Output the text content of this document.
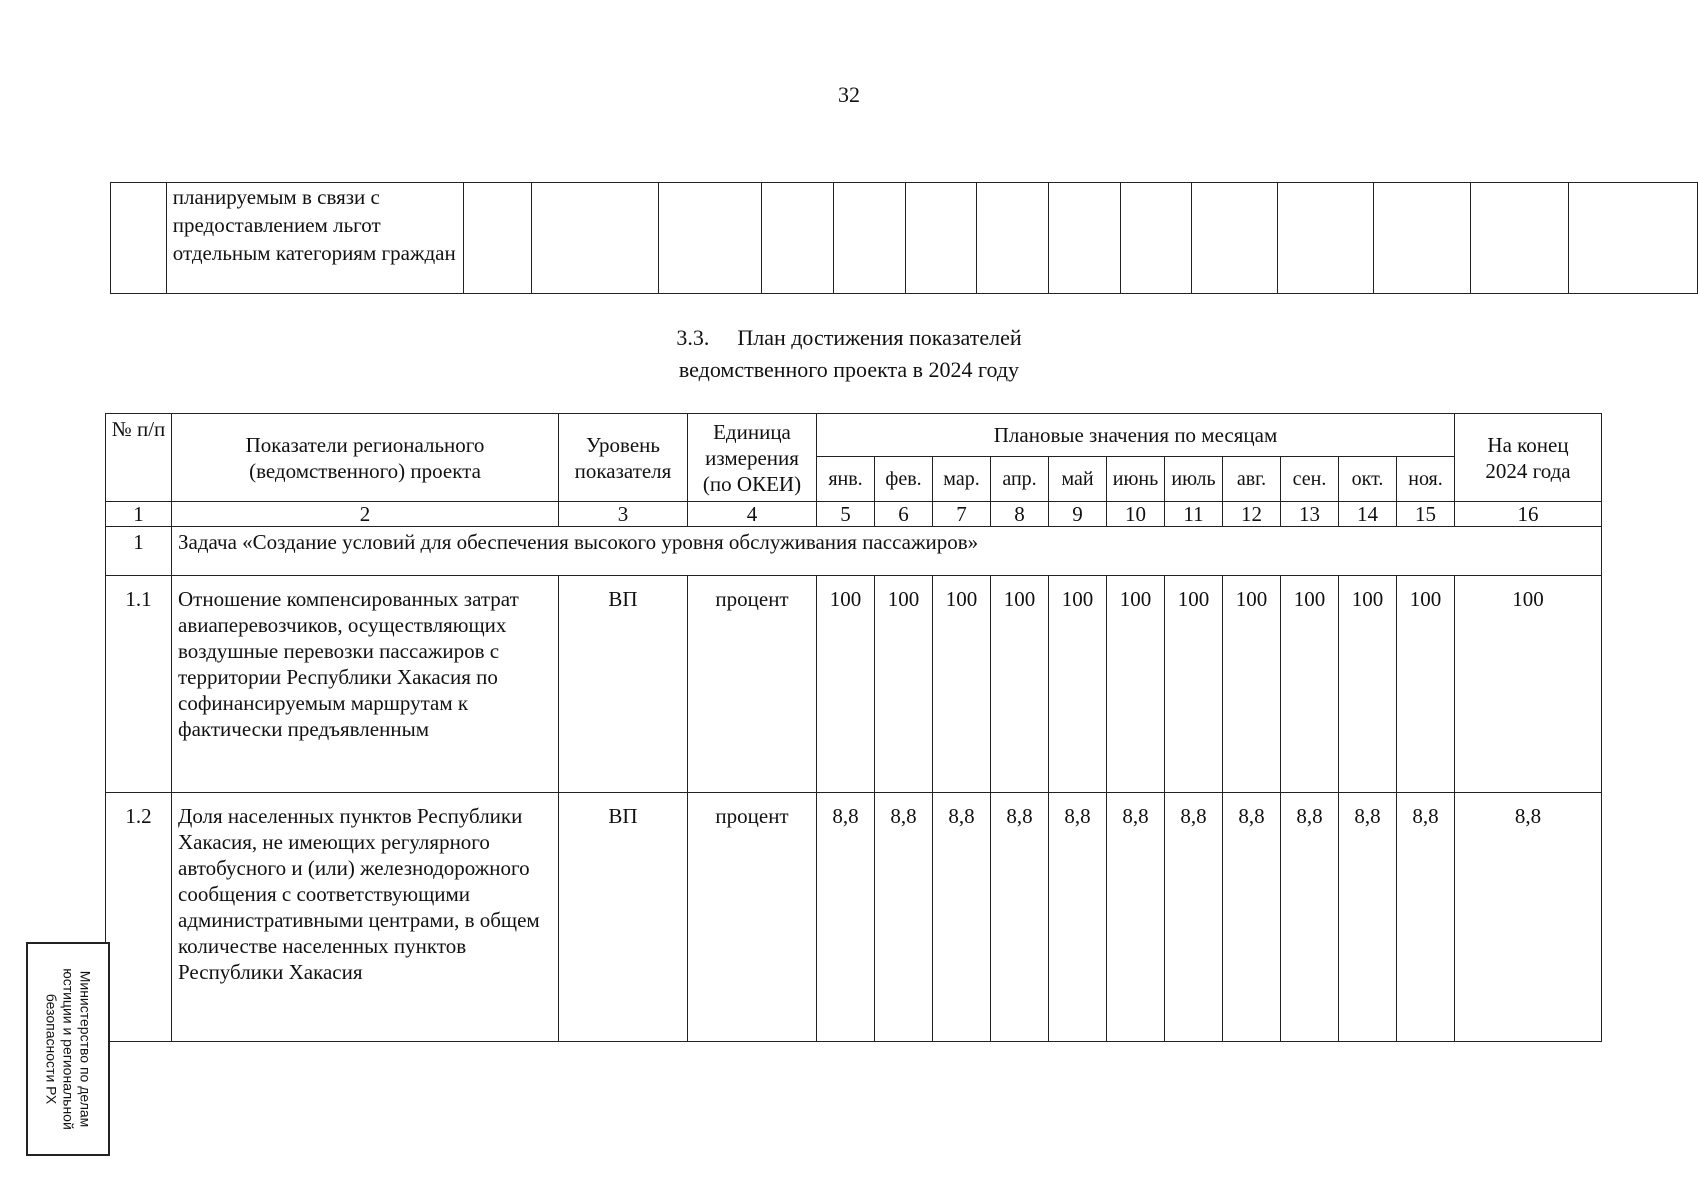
32
	планируемым в связи с предоставлением льгот отдельным категориям граждан														
3.3. План достижения показателей
ведомственного проекта в 2024 году
№ п/п	Показатели регионального (ведомственного) проекта	Уровень показателя	Единица измерения (по ОКЕИ)	Плановые значения по месяцам											На конец 2024 года
				янв.	фев.	мар.	апр.	май	июнь	июль	авг.	сен.	окт.	ноя.	
1	2	3	4	5	6	7	8	9	10	11	12	13	14	15	16
1	Задача «Создание условий для обеспечения высокого уровня обслуживания пассажиров»														
1.1	Отношение компенсированных затрат авиаперевозчиков, осуществляющих воздушные перевозки пассажиров с территории Республики Хакасия по софинансируемым маршрутам к фактически предъявленным	ВП	процент	100	100	100	100	100	100	100	100	100	100	100	100
1.2	Доля населенных пунктов Республики Хакасия, не имеющих регулярного автобусного и (или) железнодорожного сообщения с соответствующими административными центрами, в общем количестве населенных пунктов Республики Хакасия	ВП	процент	8,8	8,8	8,8	8,8	8,8	8,8	8,8	8,8	8,8	8,8	8,8	8,8
Министерство по делам юстиции и региональной безопасности РХ
